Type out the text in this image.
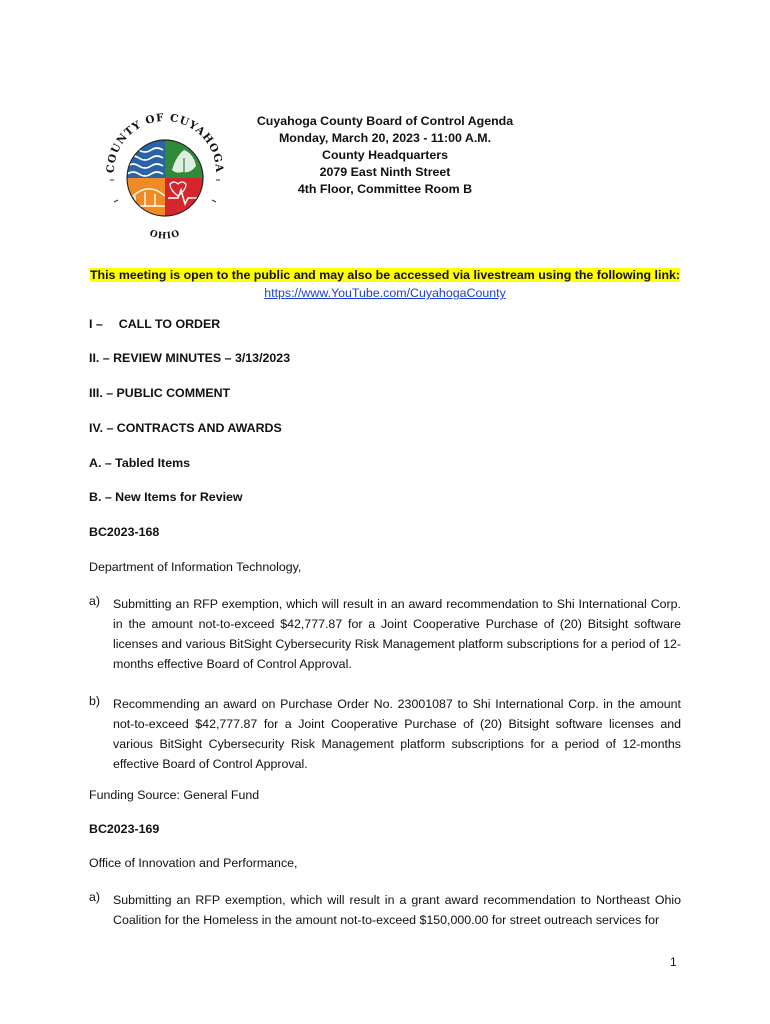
COUNTY OF CUYAHOGA
OHIO
Cuyahoga County Board of Control Agenda
Monday, March 20, 2023 - 11:00 A.M.
County Headquarters
2079 East Ninth Street
4th Floor, Committee Room B
This meeting is open to the public and may also be accessed via livestream using the following link:
https://www.YouTube.com/CuyahogaCounty
I – CALL TO ORDER
II. – REVIEW MINUTES – 3/13/2023
III. – PUBLIC COMMENT
IV. – CONTRACTS AND AWARDS
A. – Tabled Items
B. – New Items for Review
BC2023-168
Department of Information Technology,
a) Submitting an RFP exemption, which will result in an award recommendation to Shi International Corp. in the amount not-to-exceed $42,777.87 for a Joint Cooperative Purchase of (20) Bitsight software licenses and various BitSight Cybersecurity Risk Management platform subscriptions for a period of 12-months effective Board of Control Approval.
b) Recommending an award on Purchase Order No. 23001087 to Shi International Corp. in the amount not-to-exceed $42,777.87 for a Joint Cooperative Purchase of (20) Bitsight software licenses and various BitSight Cybersecurity Risk Management platform subscriptions for a period of 12-months effective Board of Control Approval.
Funding Source: General Fund
BC2023-169
Office of Innovation and Performance,
a) Submitting an RFP exemption, which will result in a grant award recommendation to Northeast Ohio Coalition for the Homeless in the amount not-to-exceed $150,000.00 for street outreach services for
1
